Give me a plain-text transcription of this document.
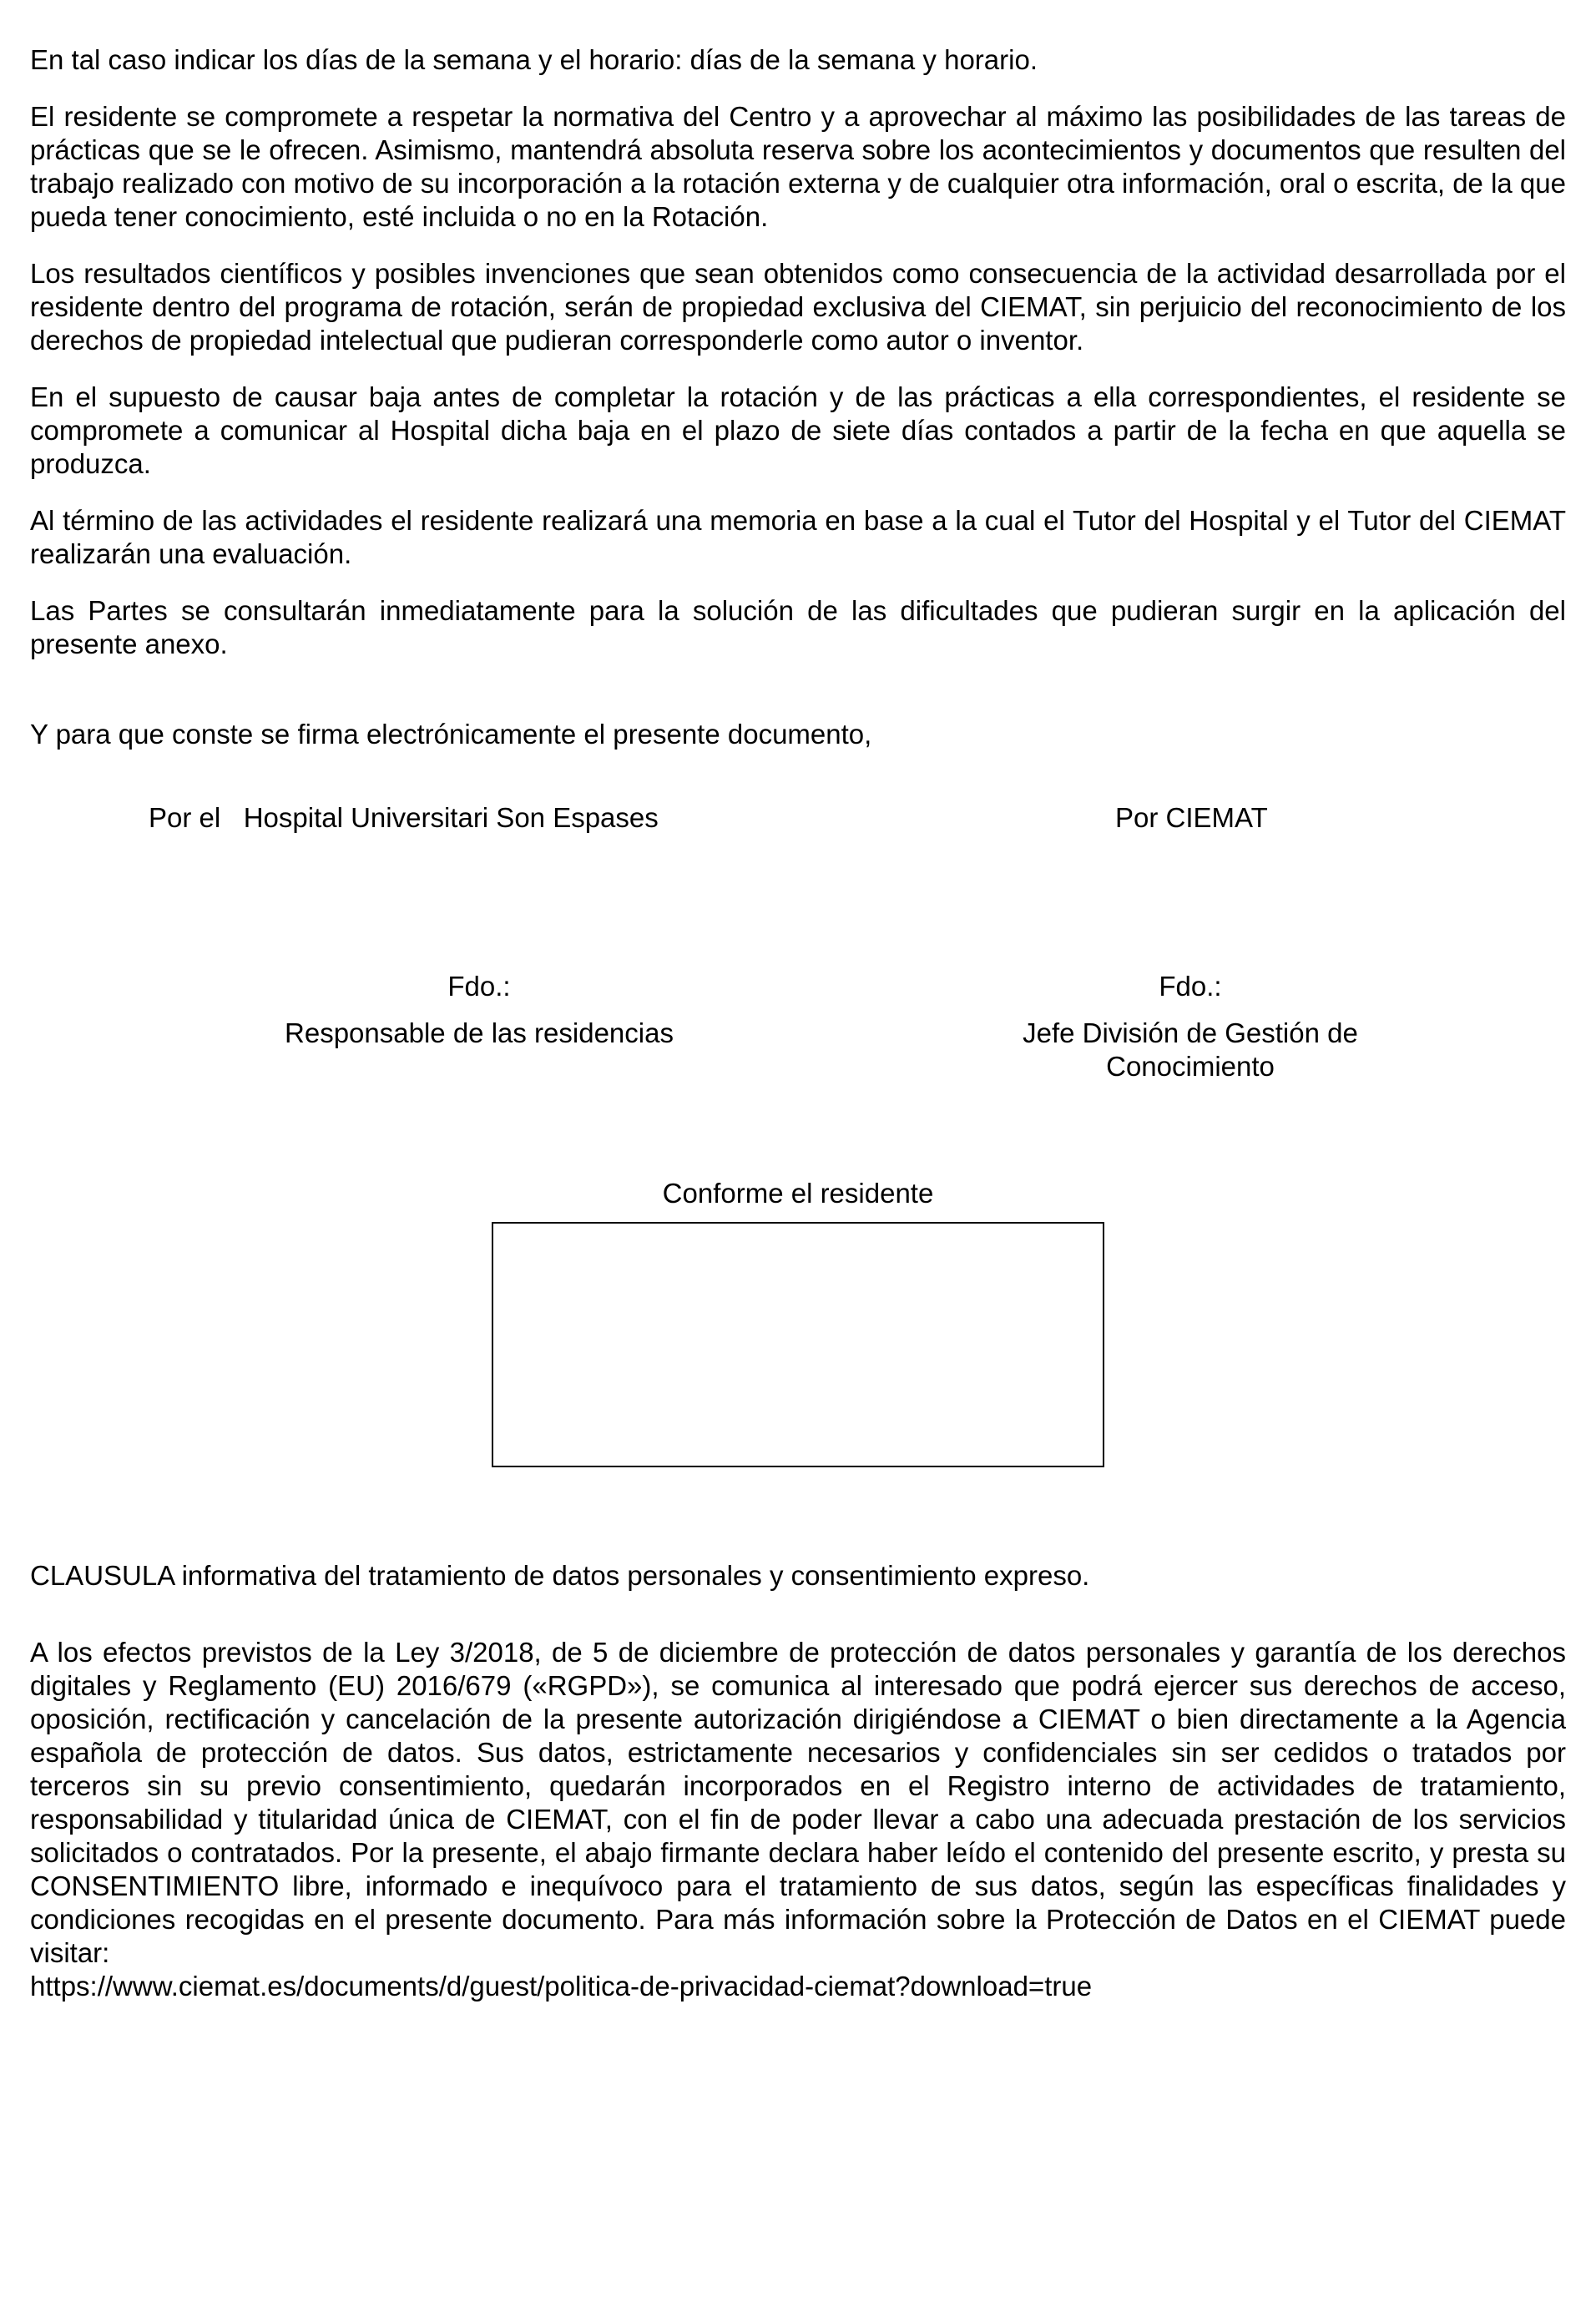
En tal caso indicar los días de la semana y el horario: días de la semana y horario.

El residente se compromete a respetar la normativa del Centro y a aprovechar al máximo las posibilidades de las tareas de prácticas que se le ofrecen. Asimismo, mantendrá absoluta reserva sobre los acontecimientos y documentos que resulten del trabajo realizado con motivo de su incorporación a la rotación externa y de cualquier otra información, oral o escrita, de la que pueda tener conocimiento, esté incluida o no en la Rotación.

Los resultados científicos y posibles invenciones que sean obtenidos como consecuencia de la actividad desarrollada por el residente dentro del programa de rotación, serán de propiedad exclusiva del CIEMAT, sin perjuicio del reconocimiento de los derechos de propiedad intelectual que pudieran corresponderle como autor o inventor.

En el supuesto de causar baja antes de completar la rotación y de las prácticas a ella correspondientes, el residente se compromete a comunicar al Hospital dicha baja en el plazo de siete días contados a partir de la fecha en que aquella se produzca.

Al término de las actividades el residente realizará una memoria en base a la cual el Tutor del Hospital y el Tutor del CIEMAT realizarán una evaluación.

Las Partes se consultarán inmediatamente para la solución de las dificultades que pudieran surgir en la aplicación del presente anexo.

Y para que conste se firma electrónicamente el presente documento,

Por el   Hospital Universitari Son Espases	Por CIEMAT
Fdo.:
Responsable de las residencias
Fdo.:
Jefe División de Gestión de
Conocimiento
Conforme el residente

CLAUSULA informativa del tratamiento de datos personales y consentimiento expreso.

A los efectos previstos de la Ley 3/2018, de 5 de diciembre de protección de datos personales y garantía de los derechos digitales y Reglamento (EU) 2016/679 («RGPD»), se comunica al interesado que podrá ejercer sus derechos de acceso, oposición, rectificación y cancelación de la presente autorización dirigiéndose a CIEMAT o bien directamente a la Agencia española de protección de datos. Sus datos, estrictamente necesarios y confidenciales sin ser cedidos o tratados por terceros sin su previo consentimiento, quedarán incorporados en el Registro interno de actividades de tratamiento, responsabilidad y titularidad única de CIEMAT, con el fin de poder llevar a cabo una adecuada prestación de los servicios solicitados o contratados. Por la presente, el abajo firmante declara haber leído el contenido del presente escrito, y presta su CONSENTIMIENTO libre, informado e inequívoco para el tratamiento de sus datos, según las específicas finalidades y condiciones recogidas en el presente documento. Para más información sobre la Protección de Datos en el CIEMAT puede visitar:

https://www.ciemat.es/documents/d/guest/politica-de-privacidad-ciemat?download=true
